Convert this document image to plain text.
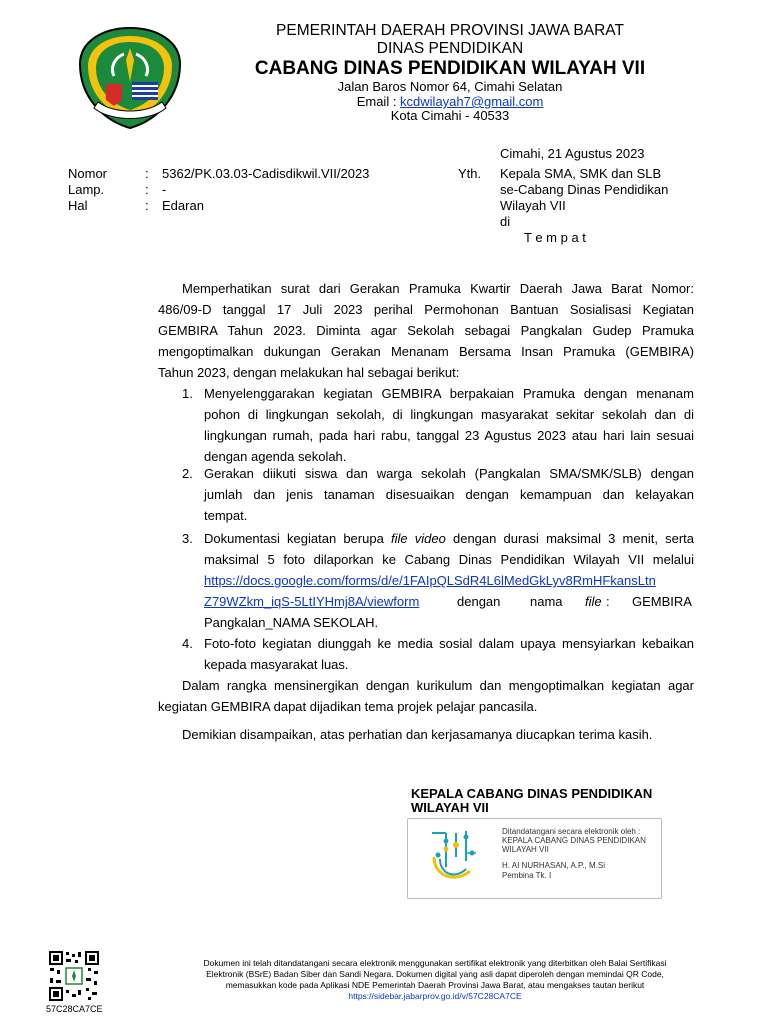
PEMERINTAH DAERAH PROVINSI JAWA BARAT
DINAS PENDIDIKAN
CABANG DINAS PENDIDIKAN WILAYAH VII
Jalan Baros Nomor 64, Cimahi Selatan
Email : kcdwilayah7@gmail.com
Kota Cimahi - 40533
Cimahi, 21 Agustus 2023
Nomor	: 5362/PK.03.03-Cadisdikwil.VII/2023
Lamp.	: -
Hal	: Edaran
Yth. Kepala SMA, SMK dan SLB
se-Cabang Dinas Pendidikan
Wilayah VII
di
T e m p a t
Memperhatikan surat dari Gerakan Pramuka Kwartir Daerah Jawa Barat Nomor:
486/09-D tanggal 17 Juli 2023 perihal Permohonan Bantuan Sosialisasi Kegiatan
GEMBIRA Tahun 2023. Diminta agar Sekolah sebagai Pangkalan Gudep Pramuka
mengoptimalkan dukungan Gerakan Menanam Bersama Insan Pramuka (GEMBIRA)
Tahun 2023, dengan melakukan hal sebagai berikut:
1. Menyelenggarakan kegiatan GEMBIRA berpakaian Pramuka dengan menanam
pohon di lingkungan sekolah, di lingkungan masyarakat sekitar sekolah dan di
lingkungan rumah, pada hari rabu, tanggal 23 Agustus 2023 atau hari lain sesuai
dengan agenda sekolah.
2. Gerakan diikuti siswa dan warga sekolah (Pangkalan SMA/SMK/SLB) dengan
jumlah dan jenis tanaman disesuaikan dengan kemampuan dan kelayakan
tempat.
3. Dokumentasi kegiatan berupa file video dengan durasi maksimal 3 menit, serta
maksimal 5 foto dilaporkan ke Cabang Dinas Pendidikan Wilayah VII melalui
https://docs.google.com/forms/d/e/1FAIpQLSdR4L6lMedGkLyv8RmHFkansLtn
Z79WZkm_iqS-5LtIYHmj8A/viewform	dengan nama file : GEMBIRA
Pangkalan_NAMA SEKOLAH.
4. Foto-foto kegiatan diunggah ke media sosial dalam upaya mensyiarkan kebaikan
kepada masyarakat luas.
Dalam rangka mensinergikan dengan kurikulum dan mengoptimalkan kegiatan agar
kegiatan GEMBIRA dapat dijadikan tema projek pelajar pancasila.
Demikian disampaikan, atas perhatian dan kerjasamanya diucapkan terima kasih.
KEPALA CABANG DINAS PENDIDIKAN
WILAYAH VII
Ditandatangani secara elektronik oleh :
KEPALA CABANG DINAS PENDIDIKAN
WILAYAH VII
H. AI NURHASAN, A.P., M.Si
Pembina Tk. I
57C28CA7CE
Dokumen ini telah ditandatangani secara elektronik menggunakan sertifikat elektronik yang diterbitkan oleh Balai Sertifikasi
Elektronik (BSrE) Badan Siber dan Sandi Negara. Dokumen digital yang asli dapat diperoleh dengan memindai QR Code,
memasukkan kode pada Aplikasi NDE Pemerintah Daerah Provinsi Jawa Barat, atau mengakses tautan berikut
https://sidebar.jabarprov.go.id/v/57C28CA7CE
